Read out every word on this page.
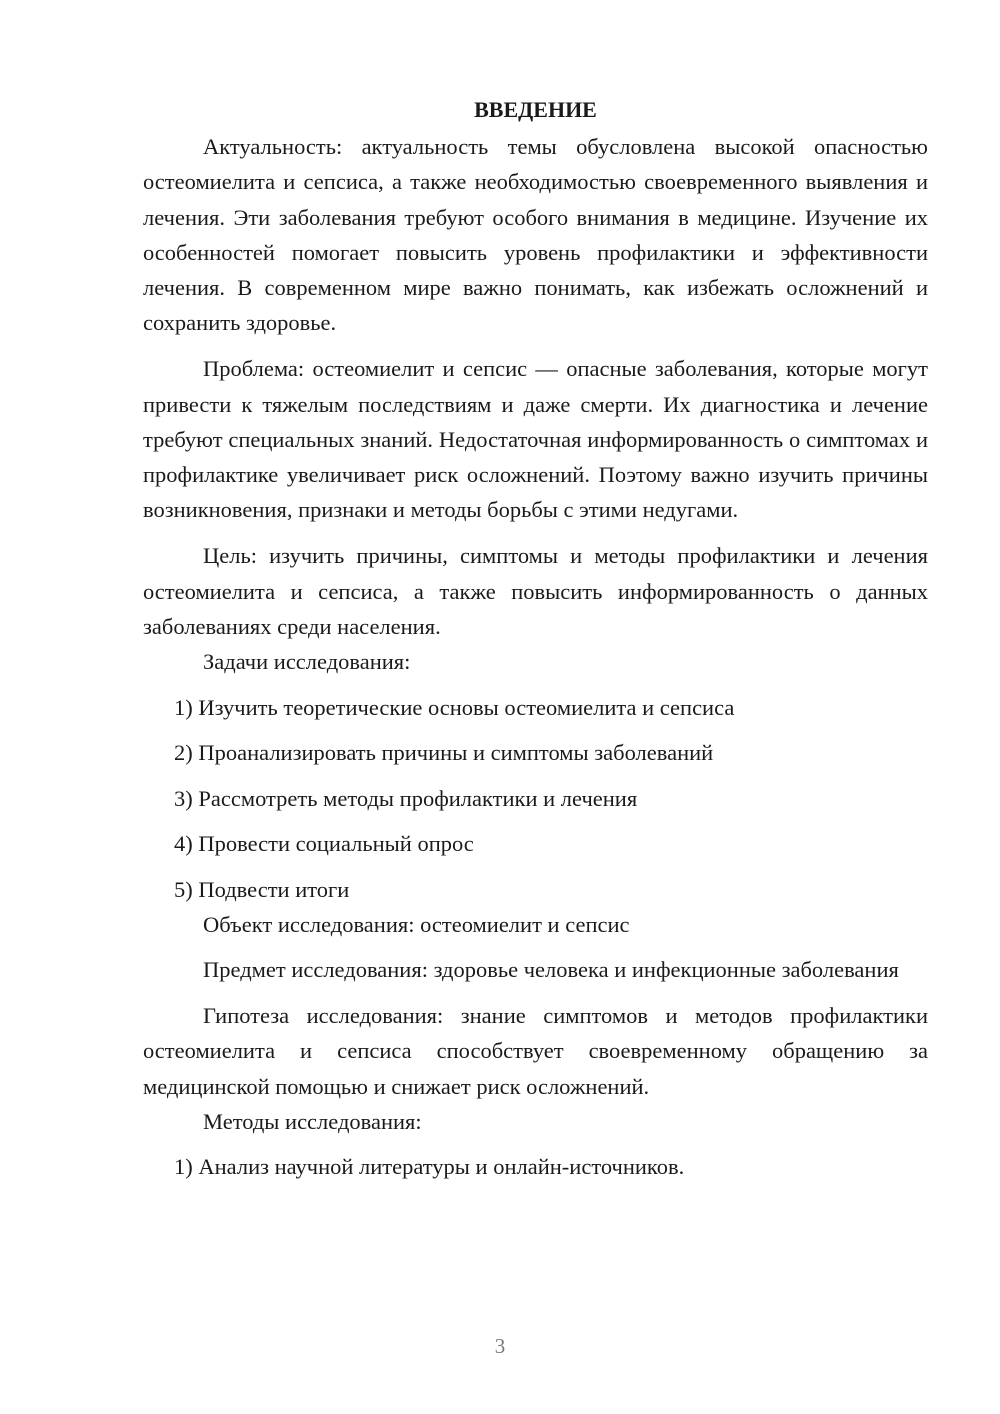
ВВЕДЕНИЕ

Актуальность: актуальность темы обусловлена высокой опасностью остеомиелита и сепсиса, а также необходимостью своевременного выявления и лечения. Эти заболевания требуют особого внимания в медицине. Изучение их особенностей помогает повысить уровень профилактики и эффективности лечения. В современном мире важно понимать, как избежать осложнений и сохранить здоровье.

Проблема: остеомиелит и сепсис — опасные заболевания, которые могут привести к тяжелым последствиям и даже смерти. Их диагностика и лечение требуют специальных знаний. Недостаточная информированность о симптомах и профилактике увеличивает риск осложнений. Поэтому важно изучить причины возникновения, признаки и методы борьбы с этими недугами.

Цель: изучить причины, симптомы и методы профилактики и лечения остеомиелита и сепсиса, а также повысить информированность о данных заболеваниях среди населения.

Задачи исследования:

1) Изучить теоретические основы остеомиелита и сепсиса

2) Проанализировать причины и симптомы заболеваний

3) Рассмотреть методы профилактики и лечения

4) Провести социальный опрос

5) Подвести итоги

Объект исследования: остеомиелит и сепсис

Предмет исследования: здоровье человека и инфекционные заболевания

Гипотеза исследования: знание симптомов и методов профилактики остеомиелита и сепсиса способствует своевременному обращению за медицинской помощью и снижает риск осложнений.

Методы исследования:

1) Анализ научной литературы и онлайн-источников.

3
